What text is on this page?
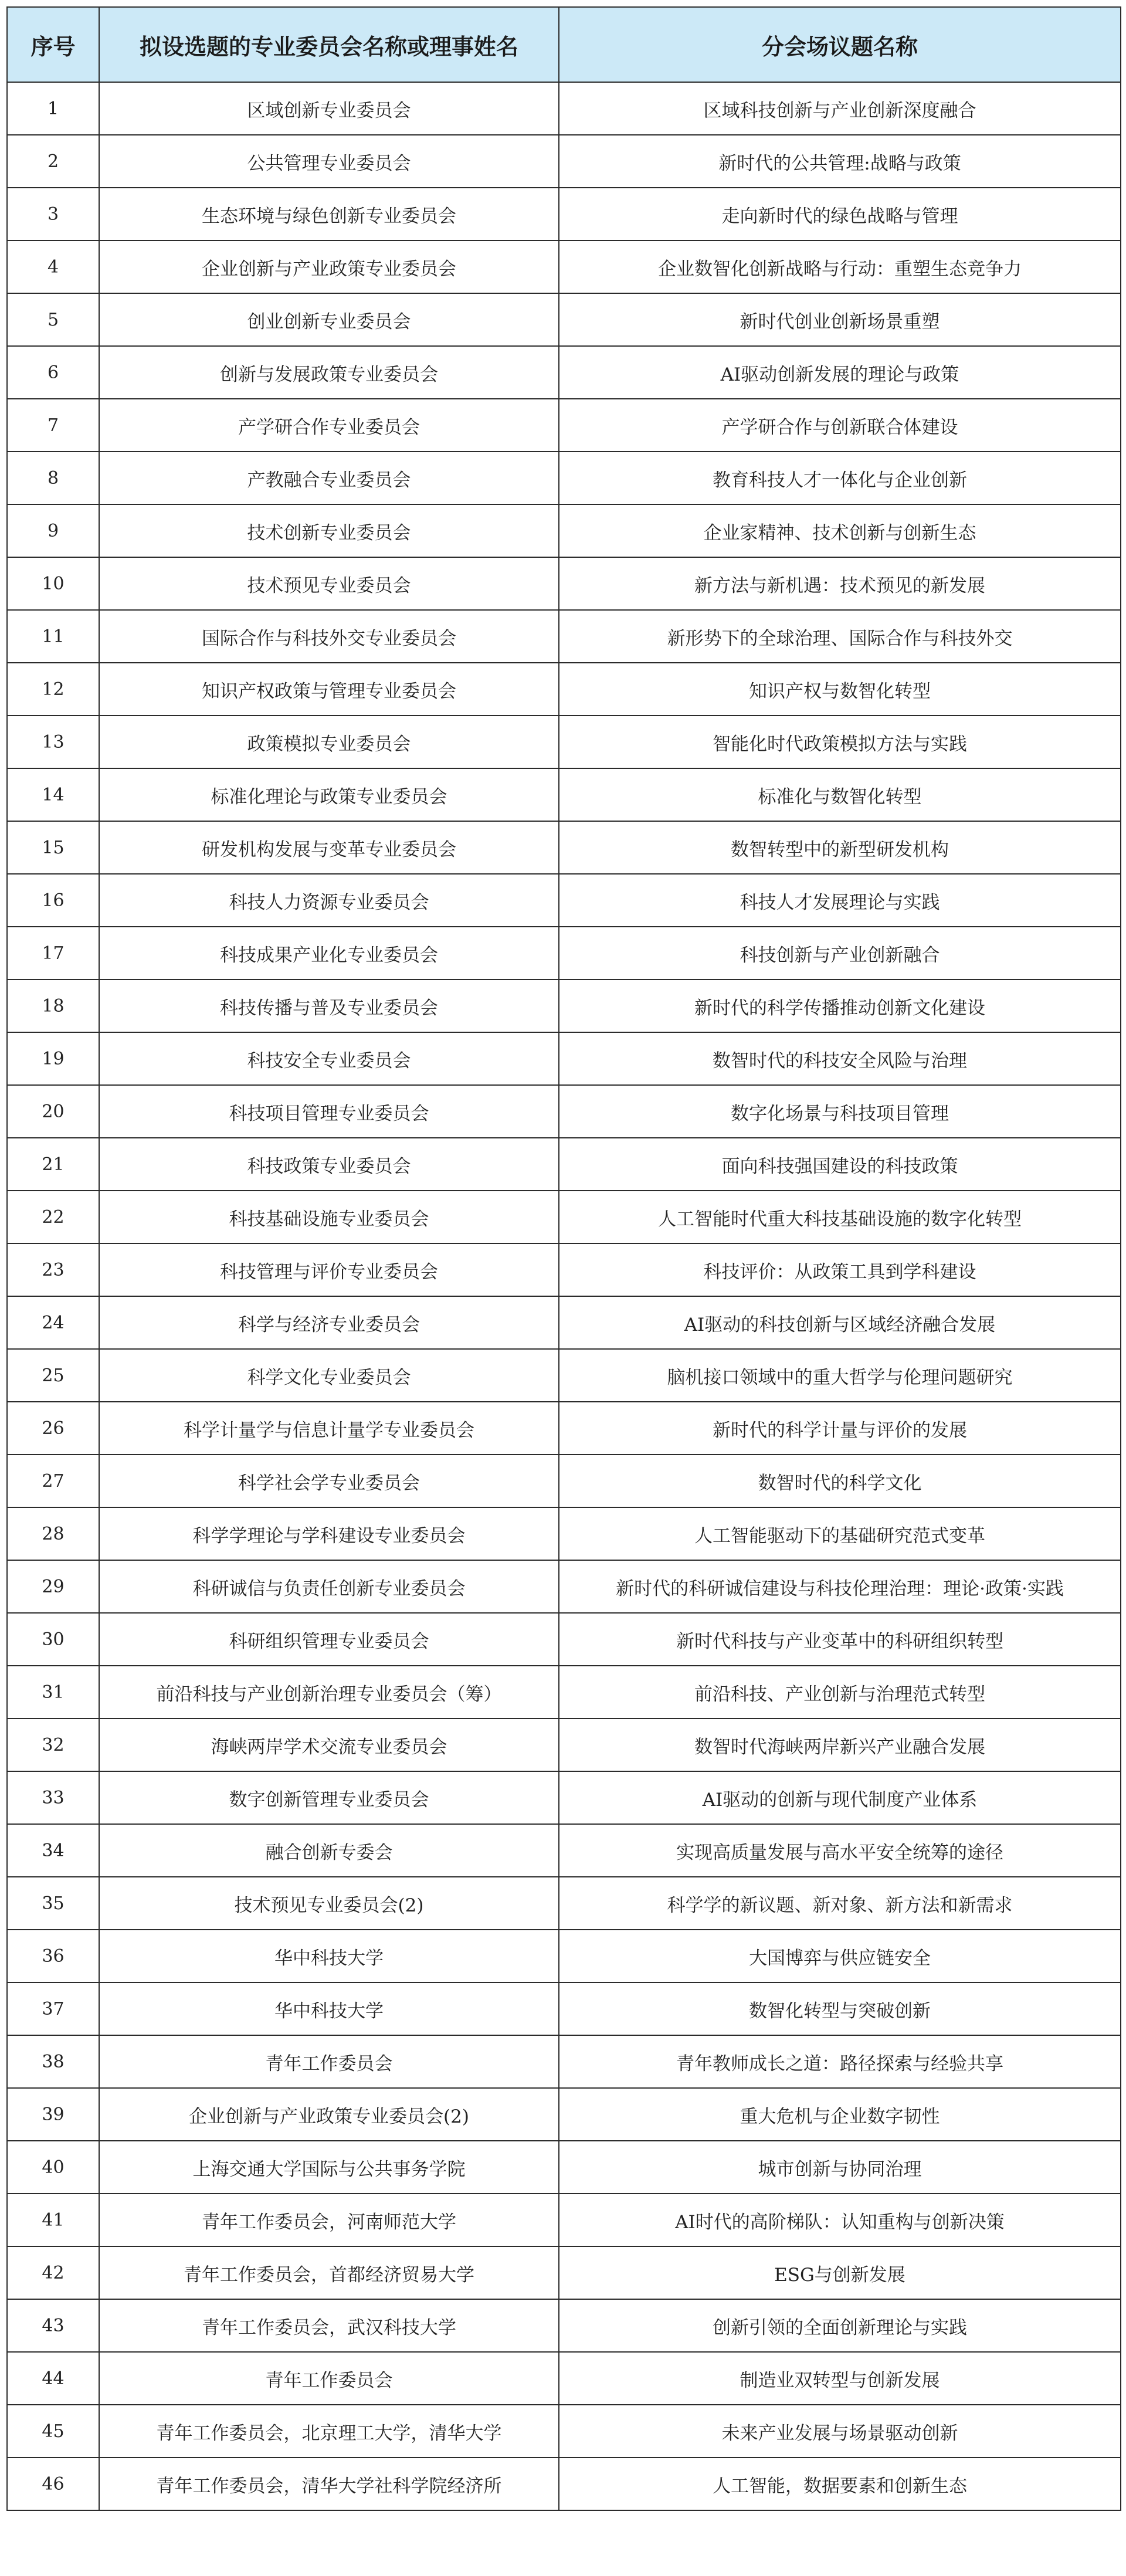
序号	拟设选题的专业委员会名称或理事姓名	分会场议题名称
1	区域创新专业委员会	区域科技创新与产业创新深度融合
2	公共管理专业委员会	新时代的公共管理:战略与政策
3	生态环境与绿色创新专业委员会	走向新时代的绿色战略与管理
4	企业创新与产业政策专业委员会	企业数智化创新战略与行动：重塑生态竞争力
5	创业创新专业委员会	新时代创业创新场景重塑
6	创新与发展政策专业委员会	AI驱动创新发展的理论与政策
7	产学研合作专业委员会	产学研合作与创新联合体建设
8	产教融合专业委员会	教育科技人才一体化与企业创新
9	技术创新专业委员会	企业家精神、技术创新与创新生态
10	技术预见专业委员会	新方法与新机遇：技术预见的新发展
11	国际合作与科技外交专业委员会	新形势下的全球治理、国际合作与科技外交
12	知识产权政策与管理专业委员会	知识产权与数智化转型
13	政策模拟专业委员会	智能化时代政策模拟方法与实践
14	标准化理论与政策专业委员会	标准化与数智化转型
15	研发机构发展与变革专业委员会	数智转型中的新型研发机构
16	科技人力资源专业委员会	科技人才发展理论与实践
17	科技成果产业化专业委员会	科技创新与产业创新融合
18	科技传播与普及专业委员会	新时代的科学传播推动创新文化建设
19	科技安全专业委员会	数智时代的科技安全风险与治理
20	科技项目管理专业委员会	数字化场景与科技项目管理
21	科技政策专业委员会	面向科技强国建设的科技政策
22	科技基础设施专业委员会	人工智能时代重大科技基础设施的数字化转型
23	科技管理与评价专业委员会	科技评价：从政策工具到学科建设
24	科学与经济专业委员会	AI驱动的科技创新与区域经济融合发展
25	科学文化专业委员会	脑机接口领域中的重大哲学与伦理问题研究
26	科学计量学与信息计量学专业委员会	新时代的科学计量与评价的发展
27	科学社会学专业委员会	数智时代的科学文化
28	科学学理论与学科建设专业委员会	人工智能驱动下的基础研究范式变革
29	科研诚信与负责任创新专业委员会	新时代的科研诚信建设与科技伦理治理：理论·政策·实践
30	科研组织管理专业委员会	新时代科技与产业变革中的科研组织转型
31	前沿科技与产业创新治理专业委员会（筹）	前沿科技、产业创新与治理范式转型
32	海峡两岸学术交流专业委员会	数智时代海峡两岸新兴产业融合发展
33	数字创新管理专业委员会	AI驱动的创新与现代制度产业体系
34	融合创新专委会	实现高质量发展与高水平安全统筹的途径
35	技术预见专业委员会(2)	科学学的新议题、新对象、新方法和新需求
36	华中科技大学	大国博弈与供应链安全
37	华中科技大学	数智化转型与突破创新
38	青年工作委员会	青年教师成长之道：路径探索与经验共享
39	企业创新与产业政策专业委员会(2)	重大危机与企业数字韧性
40	上海交通大学国际与公共事务学院	城市创新与协同治理
41	青年工作委员会，河南师范大学	AI时代的高阶梯队：认知重构与创新决策
42	青年工作委员会，首都经济贸易大学	ESG与创新发展
43	青年工作委员会，武汉科技大学	创新引领的全面创新理论与实践
44	青年工作委员会	制造业双转型与创新发展
45	青年工作委员会，北京理工大学，清华大学	未来产业发展与场景驱动创新
46	青年工作委员会，清华大学社科学院经济所	人工智能，数据要素和创新生态
